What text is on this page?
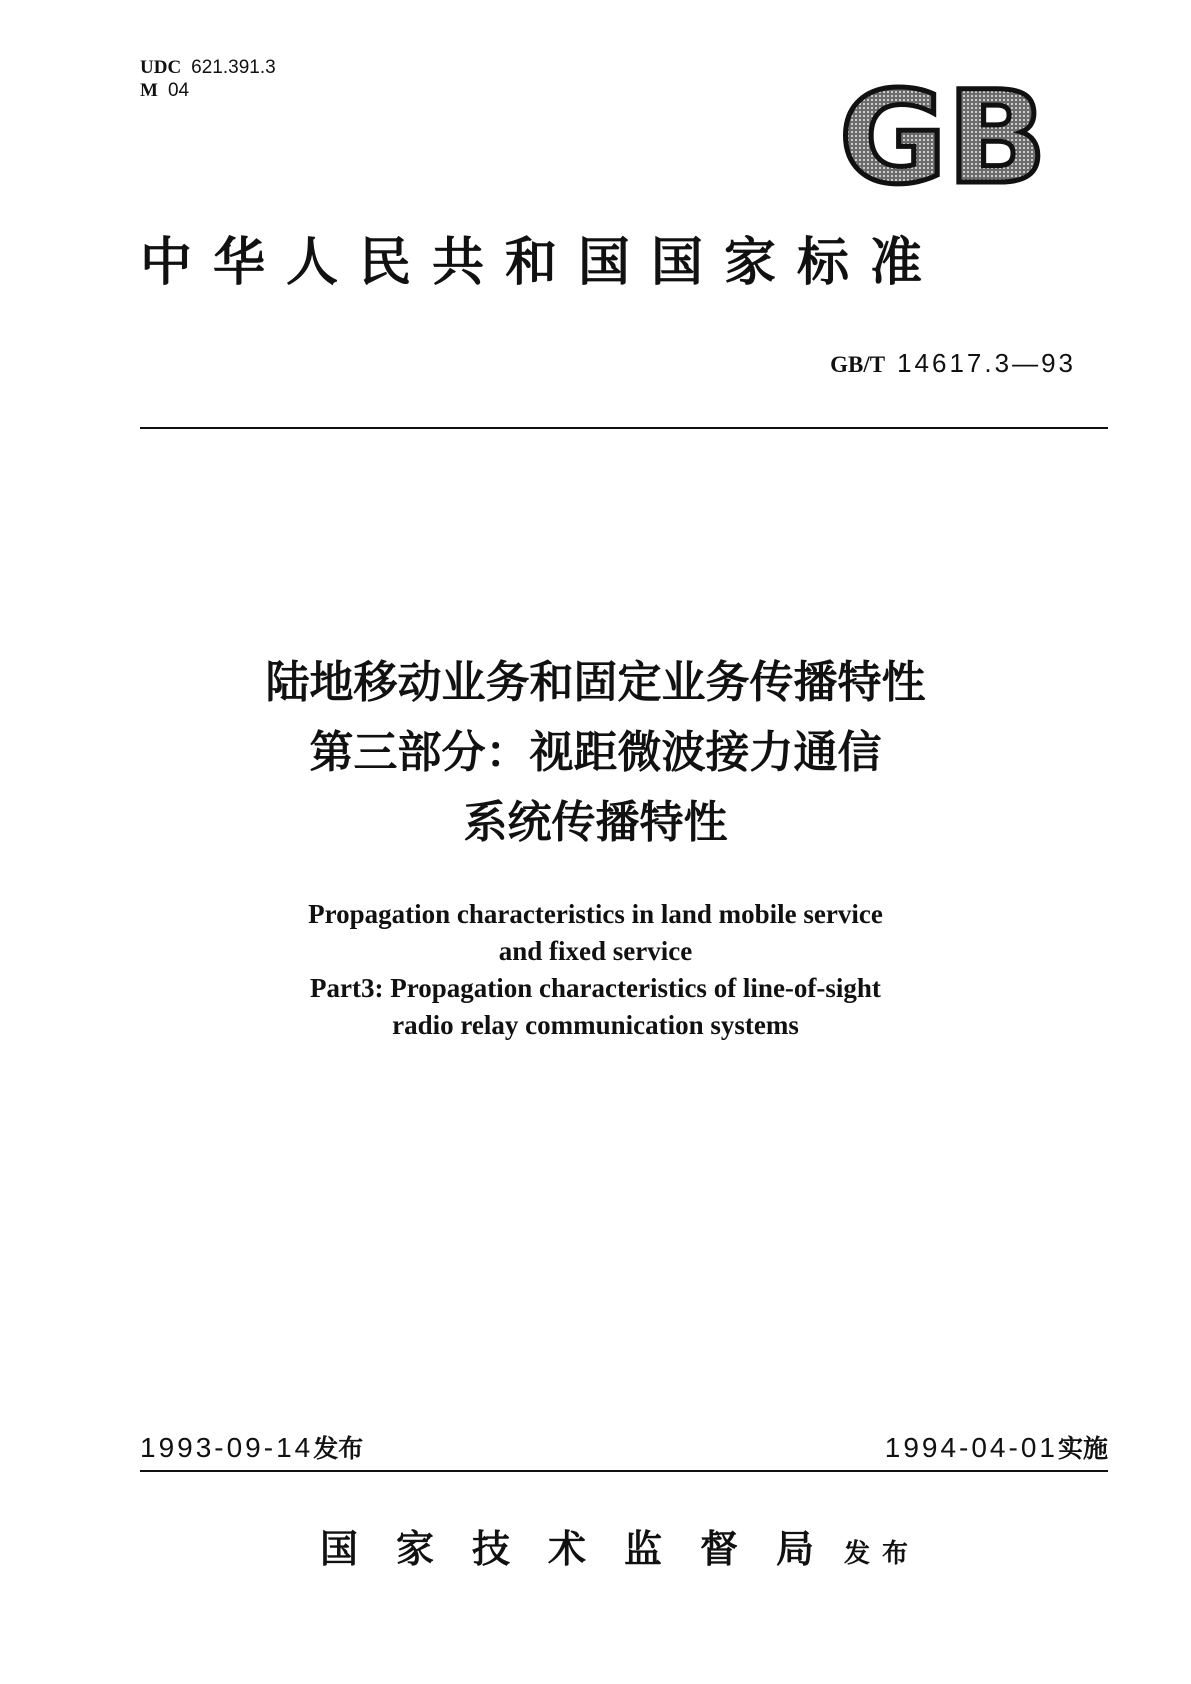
UDC 621.391.3
M 04	GB
中华人民共和国国家标准
GB/T 14617.3—93
陆地移动业务和固定业务传播特性
第三部分：视距微波接力通信
系统传播特性
Propagation characteristics in land mobile service
and fixed service
Part3: Propagation characteristics of line-of-sight
radio relay communication systems
1993-09-14发布	1994-04-01实施
国家技术监督局发布
